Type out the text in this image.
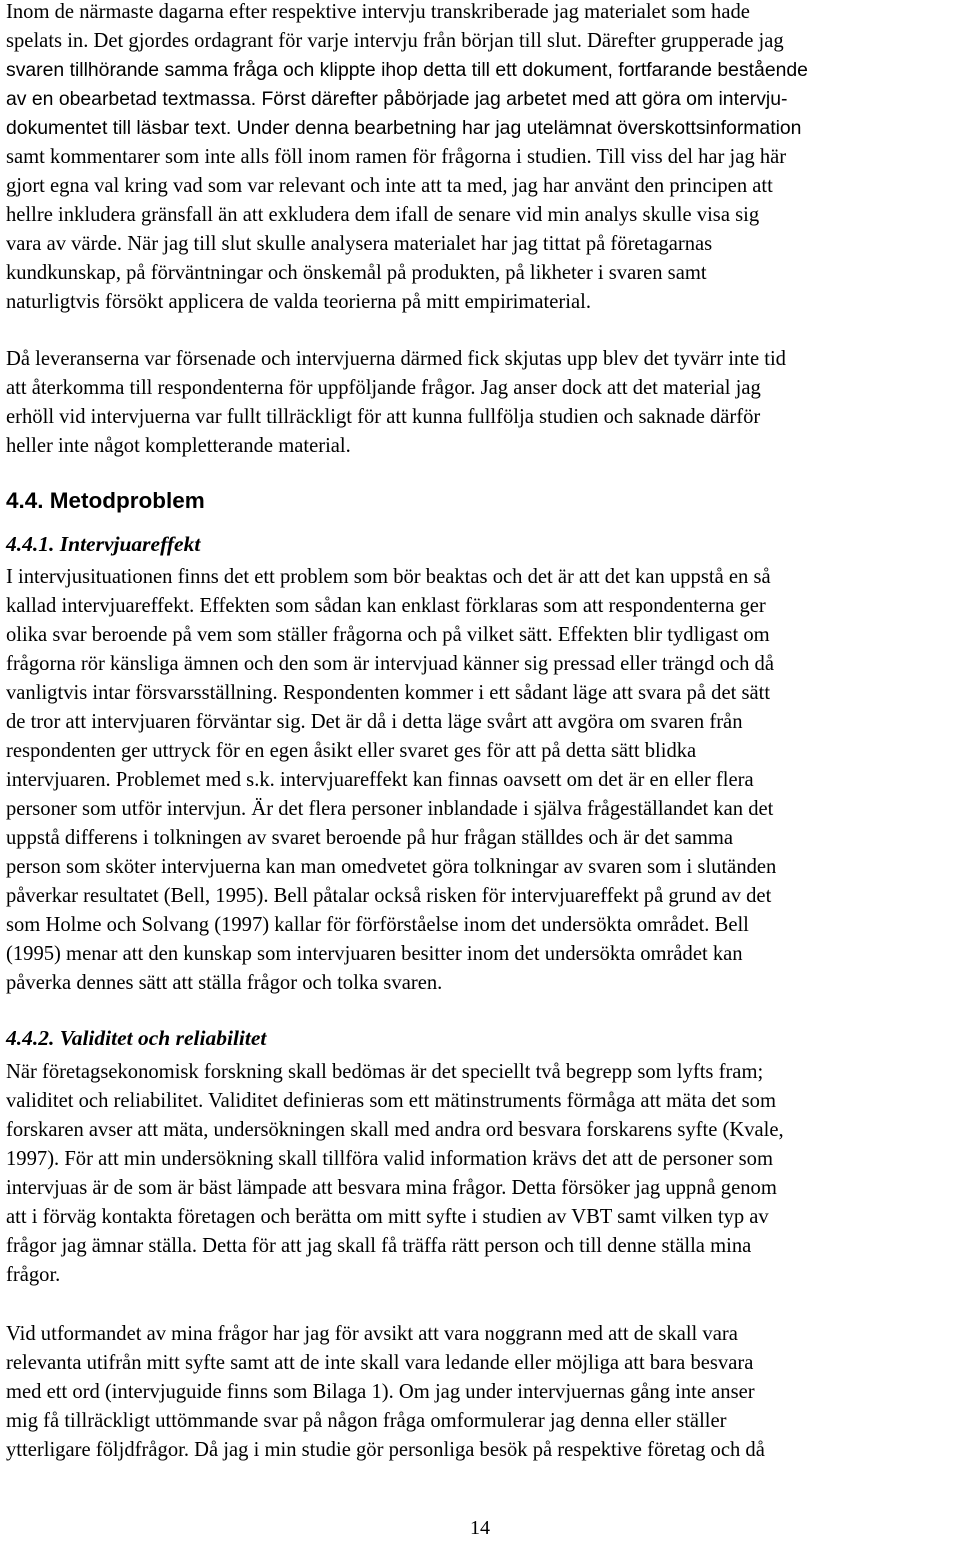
Inom de närmaste dagarna efter respektive intervju transkriberade jag materialet som hade
spelats in. Det gjordes ordagrant för varje intervju från början till slut. Därefter grupperade jag
svaren tillhörande samma fråga och klippte ihop detta till ett dokument, fortfarande bestående
av en obearbetad textmassa. Först därefter påbörjade jag arbetet med att göra om intervju-
dokumentet till läsbar text. Under denna bearbetning har jag utelämnat överskottsinformation
samt kommentarer som inte alls föll inom ramen för frågorna i studien. Till viss del har jag här
gjort egna val kring vad som var relevant och inte att ta med, jag har använt den principen att
hellre inkludera gränsfall än att exkludera dem ifall de senare vid min analys skulle visa sig
vara av värde. När jag till slut skulle analysera materialet har jag tittat på företagarnas
kundkunskap, på förväntningar och önskemål på produkten, på likheter i svaren samt
naturligtvis försökt applicera de valda teorierna på mitt empirimaterial.
Då leveranserna var försenade och intervjuerna därmed fick skjutas upp blev det tyvärr inte tid
att återkomma till respondenterna för uppföljande frågor. Jag anser dock att det material jag
erhöll vid intervjuerna var fullt tillräckligt för att kunna fullfölja studien och saknade därför
heller inte något kompletterande material.
4.4. Metodproblem
4.4.1. Intervjuareffekt
I intervjusituationen finns det ett problem som bör beaktas och det är att det kan uppstå en så
kallad intervjuareffekt. Effekten som sådan kan enklast förklaras som att respondenterna ger
olika svar beroende på vem som ställer frågorna och på vilket sätt. Effekten blir tydligast om
frågorna rör känsliga ämnen och den som är intervjuad känner sig pressad eller trängd och då
vanligtvis intar försvarsställning. Respondenten kommer i ett sådant läge att svara på det sätt
de tror att intervjuaren förväntar sig. Det är då i detta läge svårt att avgöra om svaren från
respondenten ger uttryck för en egen åsikt eller svaret ges för att på detta sätt blidka
intervjuaren. Problemet med s.k. intervjuareffekt kan finnas oavsett om det är en eller flera
personer som utför intervjun. Är det flera personer inblandade i själva frågeställandet kan det
uppstå differens i tolkningen av svaret beroende på hur frågan ställdes och är det samma
person som sköter intervjuerna kan man omedvetet göra tolkningar av svaren som i slutänden
påverkar resultatet (Bell, 1995). Bell påtalar också risken för intervjuareffekt på grund av det
som Holme och Solvang (1997) kallar för förförståelse inom det undersökta området. Bell
(1995) menar att den kunskap som intervjuaren besitter inom det undersökta området kan
påverka dennes sätt att ställa frågor och tolka svaren.
4.4.2. Validitet och reliabilitet
När företagsekonomisk forskning skall bedömas är det speciellt två begrepp som lyfts fram;
validitet och reliabilitet. Validitet definieras som ett mätinstruments förmåga att mäta det som
forskaren avser att mäta, undersökningen skall med andra ord besvara forskarens syfte (Kvale,
1997). För att min undersökning skall tillföra valid information krävs det att de personer som
intervjuas är de som är bäst lämpade att besvara mina frågor. Detta försöker jag uppnå genom
att i förväg kontakta företagen och berätta om mitt syfte i studien av VBT samt vilken typ av
frågor jag ämnar ställa. Detta för att jag skall få träffa rätt person och till denne ställa mina
frågor.
Vid utformandet av mina frågor har jag för avsikt att vara noggrann med att de skall vara
relevanta utifrån mitt syfte samt att de inte skall vara ledande eller möjliga att bara besvara
med ett ord (intervjuguide finns som Bilaga 1). Om jag under intervjuernas gång inte anser
mig få tillräckligt uttömmande svar på någon fråga omformulerar jag denna eller ställer
ytterligare följdfrågor. Då jag i min studie gör personliga besök på respektive företag och då

14
